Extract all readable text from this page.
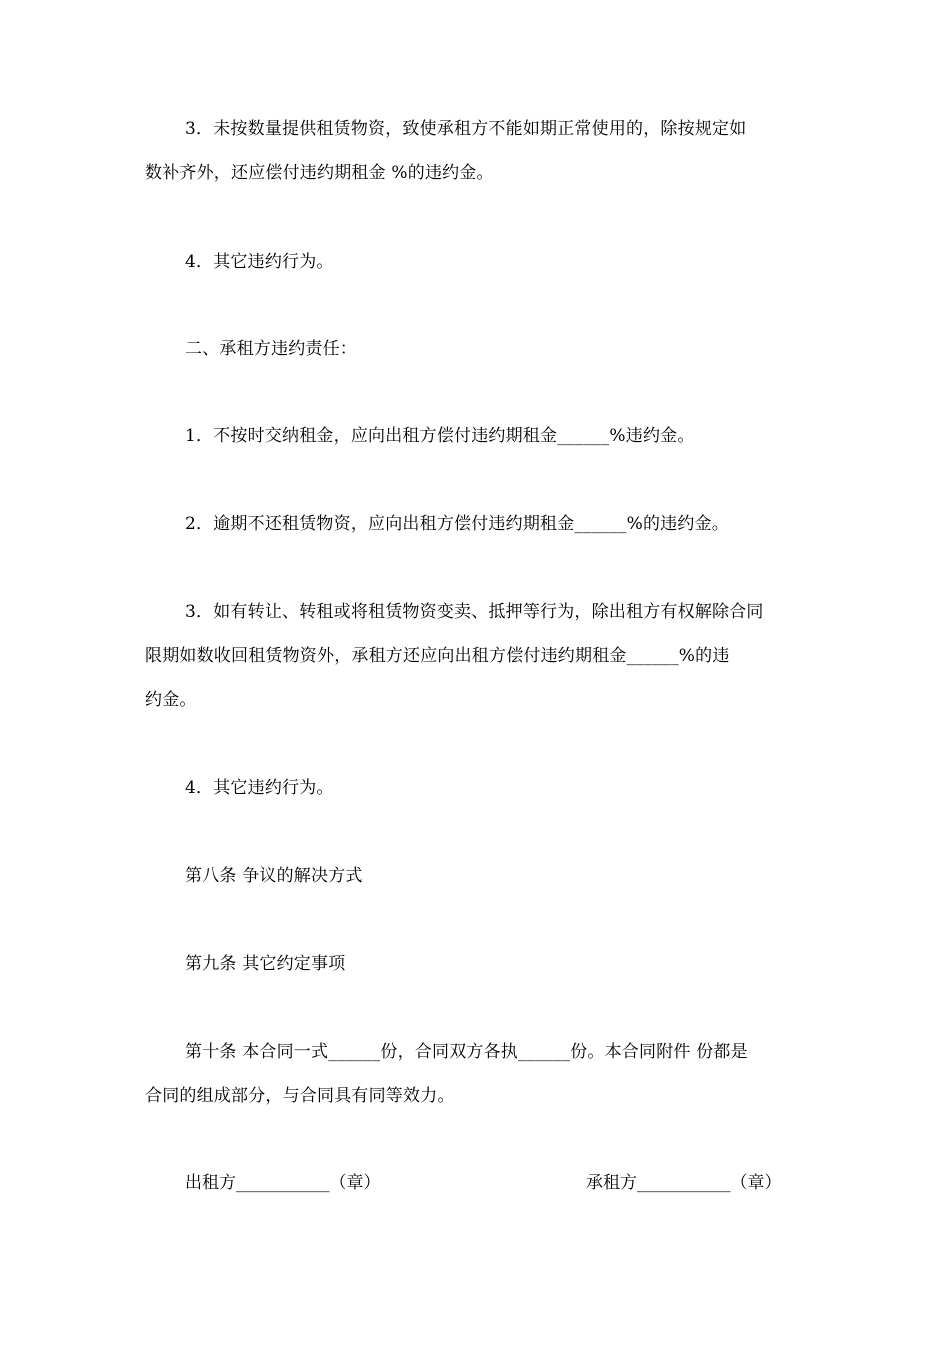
3．未按数量提供租赁物资，致使承租方不能如期正常使用的，除按规定如
数补齐外，还应偿付违约期租金 %的违约金。
4．其它违约行为。
二、承租方违约责任：
1．不按时交纳租金，应向出租方偿付违约期租金______%违约金。
2．逾期不还租赁物资，应向出租方偿付违约期租金______%的违约金。
3．如有转让、转租或将租赁物资变卖、抵押等行为，除出租方有权解除合同
限期如数收回租赁物资外，承租方还应向出租方偿付违约期租金______%的违
约金。
4．其它违约行为。
第八条 争议的解决方式
第九条 其它约定事项
第十条 本合同一式______份，合同双方各执______份。本合同附件 份都是
合同的组成部分，与合同具有同等效力。
出租方___________（章）	承租方___________（章）
